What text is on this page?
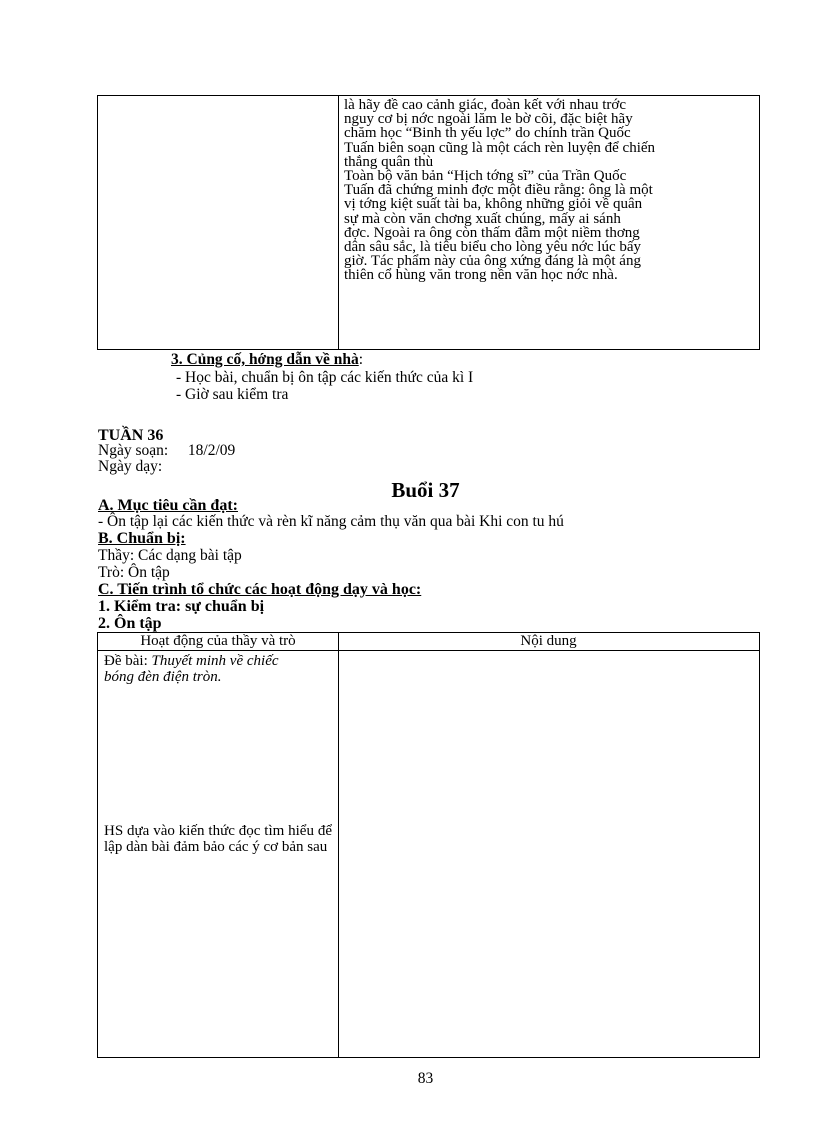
là hãy đề cao cảnh giác, đoàn kết với nhau trớc

nguy cơ bị nớc ngoài lăm le bờ cõi, đặc biệt hãy

chăm học “Binh th yếu lợc” do chính trần Quốc

Tuấn biên soạn cũng là một cách rèn luyện để chiến

thắng quân thù

Toàn bộ văn bản “Hịch tớng sĩ” của Trần Quốc

Tuấn đã chứng minh đợc một điều rằng: ông là một

vị tớng kiệt suất tài ba, không những giỏi về quân

sự mà còn văn chơng xuất chúng, mấy ai sánh

đợc. Ngoài ra ông còn thấm đẫm một niềm thơng

dân sâu sắc, là tiêu biểu cho lòng yêu nớc lúc bấy

giờ. Tác phẩm này của ông xứng đáng là một áng

thiên cổ hùng văn trong nền văn học nớc nhà.

3. Củng cố, hớng dẫn về nhà:
- Học bài, chuẩn bị ôn tập các kiến thức của kì I
- Giờ sau kiểm tra
TUẦN 36
Ngày soạn: 18/2/09
Ngày dạy:
Buổi 37
A. Mục tiêu cần đạt:
- Ôn tập lại các kiến thức và rèn kĩ năng cảm thụ văn qua bài Khi con tu hú
B. Chuẩn bị:
Thầy: Các dạng bài tập
Trò: Ôn tập
C. Tiến trình tổ chức các hoạt động dạy và học:
1. Kiểm tra: sự chuẩn bị
2. Ôn tập
Hoạt động của thầy và trò	Nội dung
Đề bài: Thuyết minh về chiếc
bóng đèn điện tròn.
HS dựa vào kiến thức đọc tìm hiểu để lập dàn bài đảm bảo các ý cơ bản sau
83
